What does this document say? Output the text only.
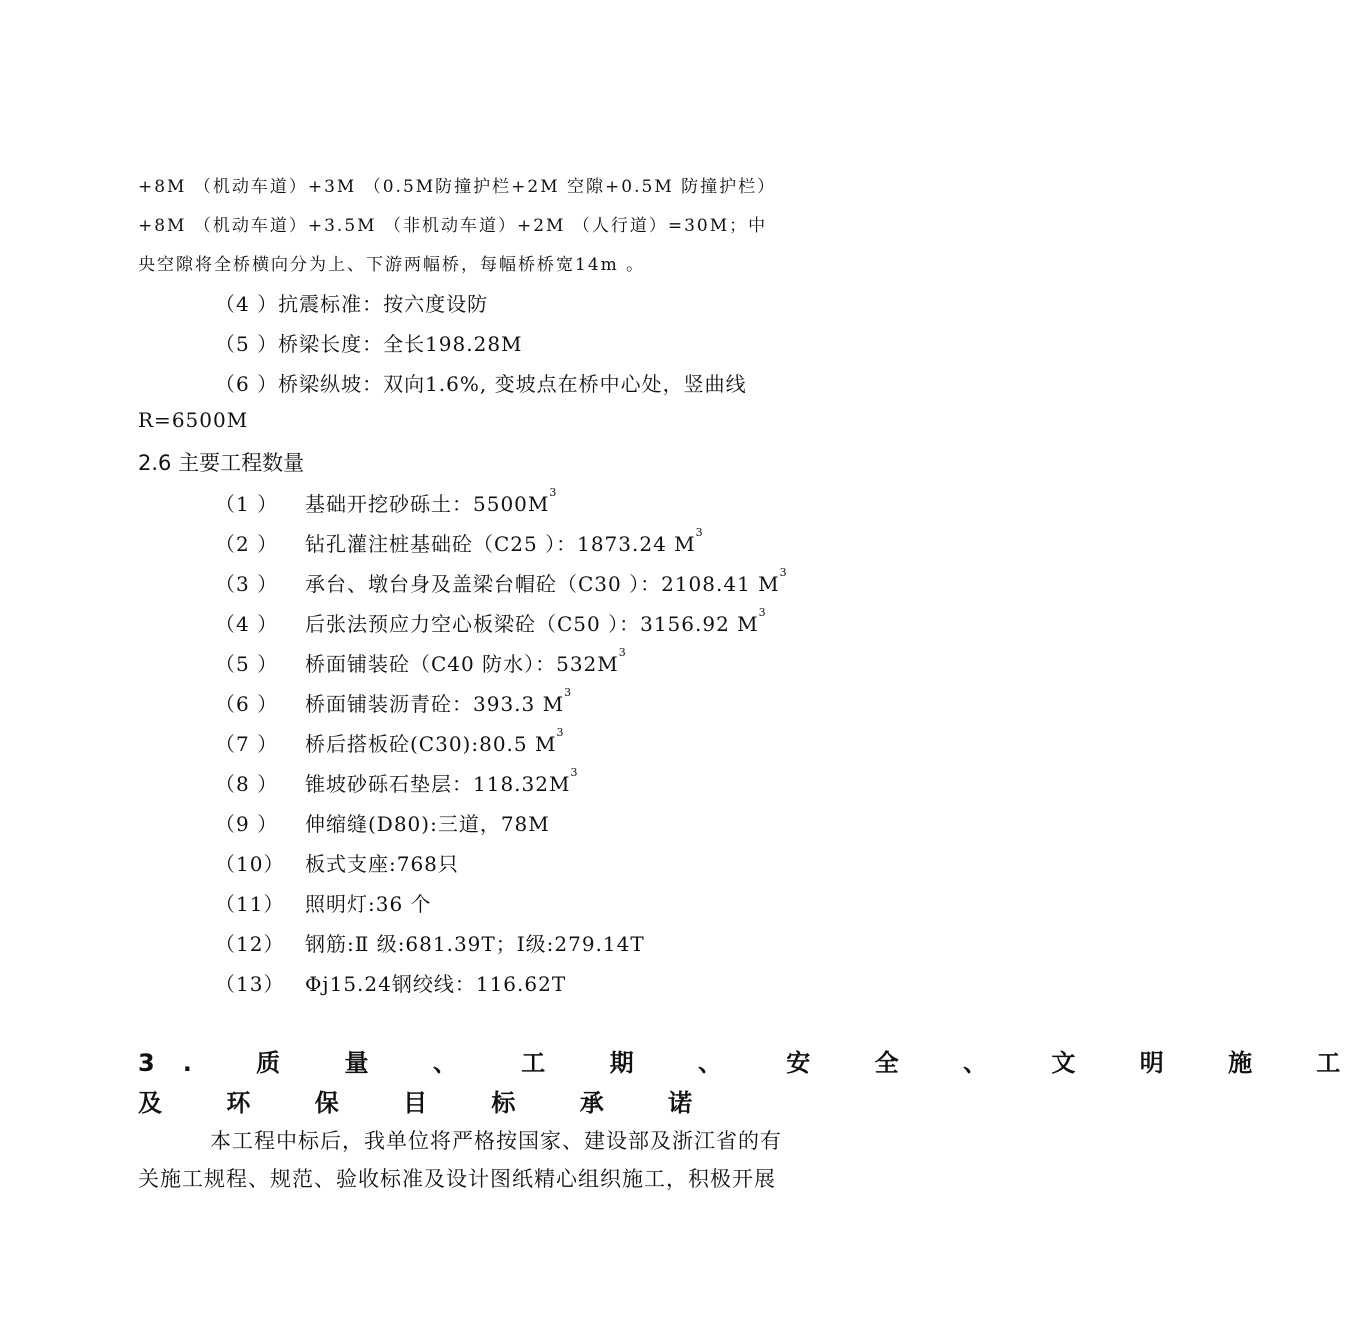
+8M （机动车道）+3M （0.5M防撞护栏+2M 空隙+0.5M 防撞护栏）
+8M （机动车道）+3.5M （非机动车道）+2M （人行道）=30M；中
央空隙将全桥横向分为上、下游两幅桥，每幅桥桥宽14m 。
（4 ）抗震标准：按六度设防
（5 ）桥梁长度：全长198.28M
（6 ）桥梁纵坡：双向1.6%, 变坡点在桥中心处，竖曲线
R=6500M
2.6 主要工程数量
（1 ） 基础开挖砂砾土：$5500M^3$
（2 ） 钻孔灌注桩基础砼（C25 ）：1873.24 $M^3$
（3 ） 承台、墩台身及盖梁台帽砼（C30 ）：2108.41 $M^3$
（4 ） 后张法预应力空心板梁砼（C50 ）：3156.92 $M^3$
（5 ） 桥面铺装砼（C40 防水）：$532M^3$
（6 ） 桥面铺装沥青砼：393.3 $M^3$
（7 ） 桥后搭板砼(C30):80.5 $M^3$
（8 ） 锥坡砂砾石垫层：$118.32M^3$
（9 ） 伸缩缝(D80):三道，78M
（10） 板式支座:768只
（11） 照明灯:36 个
（12） 钢筋:Ⅱ 级:681.39T；Ⅰ级:279.14T
（13） Φj15.24钢绞线：116.62T
3. 质 量 、 工 期 、 安 全 、 文 明 施 工
及 环 保 目 标 承 诺
本工程中标后，我单位将严格按国家、建设部及浙江省的有
关施工规程、规范、验收标准及设计图纸精心组织施工，积极开展
